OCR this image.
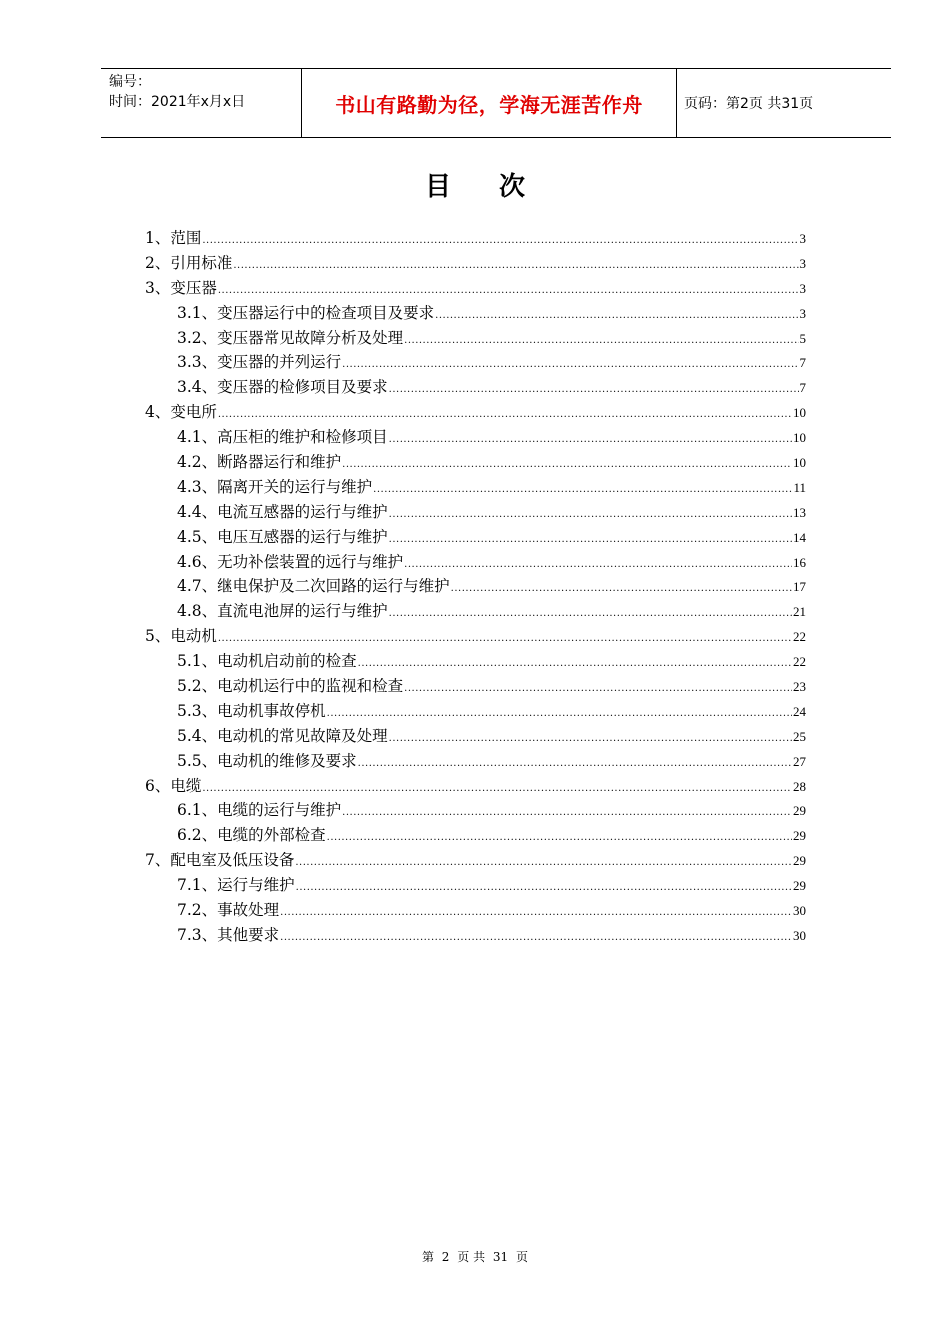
编号：
时间：2021年x月x日	书山有路勤为径，学海无涯苦作舟	页码：第2页 共31页
目次
1、范围 .....	3
2、引用标准 .....	3
3、变压器 .....	3
3.1、变压器运行中的检查项目及要求 .....	3
3.2、变压器常见故障分析及处理 .....	5
3.3、变压器的并列运行 .....	7
3.4、变压器的检修项目及要求 .....	7
4、变电所 .....	10
4.1、高压柜的维护和检修项目 .....	10
4.2、断路器运行和维护 .....	10
4.3、隔离开关的运行与维护 .....	11
4.4、电流互感器的运行与维护 .....	13
4.5、电压互感器的运行与维护 .....	14
4.6、无功补偿装置的远行与维护 .....	16
4.7、继电保护及二次回路的运行与维护 .....	17
4.8、直流电池屏的运行与维护 .....	21
5、电动机 .....	22
5.1、电动机启动前的检查 .....	22
5.2、电动机运行中的监视和检查 .....	23
5.3、电动机事故停机 .....	24
5.4、电动机的常见故障及处理 .....	25
5.5、电动机的维修及要求 .....	27
6、电缆 .....	28
6.1、电缆的运行与维护 .....	29
6.2、电缆的外部检查 .....	29
7、配电室及低压设备 .....	29
7.1、运行与维护 .....	29
7.2、事故处理 .....	30
7.3、其他要求 .....	30
第 2 页 共 31 页
